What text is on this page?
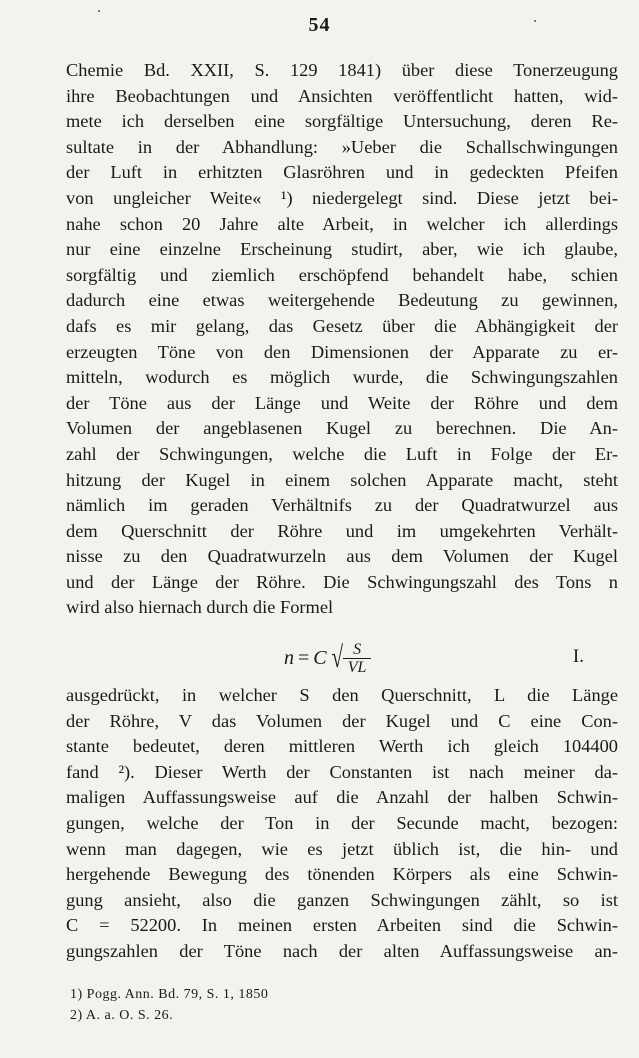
54
Chemie Bd. XXII, S. 129 1841) über diese Tonerzeugung
ihre Beobachtungen und Ansichten veröffentlicht hatten, wid-
mete ich derselben eine sorgfältige Untersuchung, deren Re-
sultate in der Abhandlung: »Ueber die Schallschwingungen
der Luft in erhitzten Glasröhren und in gedeckten Pfeifen
von ungleicher Weite« ¹) niedergelegt sind. Diese jetzt bei-
nahe schon 20 Jahre alte Arbeit, in welcher ich allerdings
nur eine einzelne Erscheinung studirt, aber, wie ich glaube,
sorgfältig und ziemlich erschöpfend behandelt habe, schien
dadurch eine etwas weitergehende Bedeutung zu gewinnen,
dafs es mir gelang, das Gesetz über die Abhängigkeit der
erzeugten Töne von den Dimensionen der Apparate zu er-
mitteln, wodurch es möglich wurde, die Schwingungszahlen
der Töne aus der Länge und Weite der Röhre und dem
Volumen der angeblasenen Kugel zu berechnen. Die An-
zahl der Schwingungen, welche die Luft in Folge der Er-
hitzung der Kugel in einem solchen Apparate macht, steht
nämlich im geraden Verhältnifs zu der Quadratwurzel aus
dem Querschnitt der Röhre und im umgekehrten Verhält-
nisse zu den Quadratwurzeln aus dem Volumen der Kugel
und der Länge der Röhre. Die Schwingungszahl des Tons n
wird also hiernach durch die Formel
n = C √ $\frac{S}{VL}$	I.
ausgedrückt, in welcher S den Querschnitt, L die Länge
der Röhre, V das Volumen der Kugel und C eine Con-
stante bedeutet, deren mittleren Werth ich gleich 104400
fand ²). Dieser Werth der Constanten ist nach meiner da-
maligen Auffassungsweise auf die Anzahl der halben Schwin-
gungen, welche der Ton in der Secunde macht, bezogen:
wenn man dagegen, wie es jetzt üblich ist, die hin- und
hergehende Bewegung des tönenden Körpers als eine Schwin-
gung ansieht, also die ganzen Schwingungen zählt, so ist
C = 52200. In meinen ersten Arbeiten sind die Schwin-
gungszahlen der Töne nach der alten Auffassungsweise an-
1) Pogg. Ann. Bd. 79, S. 1, 1850
2) A. a. O. S. 26.
